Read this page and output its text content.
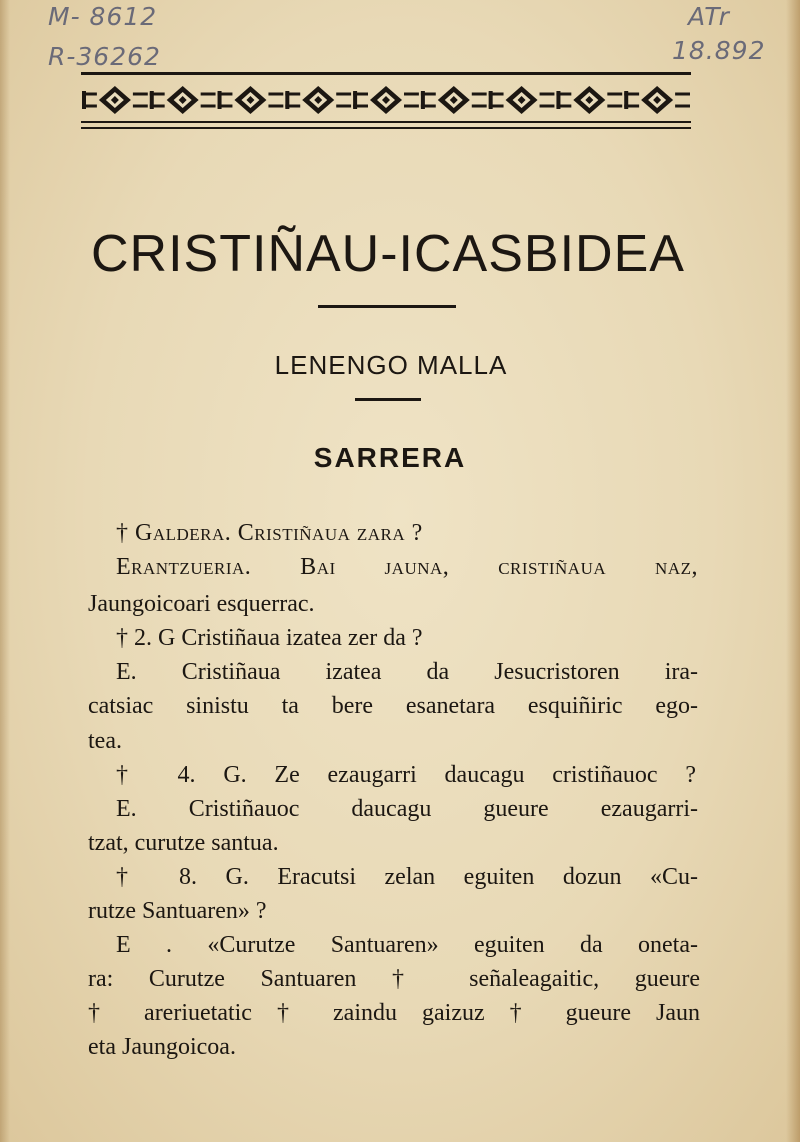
M- 8612
R-36262
ATr
18.892
CRISTIÑAU-ICASBIDEA
LENENGO MALLA
SARRERA
† Galdera. Cristiñaua zara ?
Erantzueria. Bai jauna, cristiñaua naz,
Jaungoicoari esquerrac.
† 2. G Cristiñaua izatea zer da ?
E. Cristiñaua izatea da Jesucristoren ira-
catsiac sinistu ta bere esanetara esquiñiric ego-
tea.
† 4. G. Ze ezaugarri daucagu cristiñauoc ?
E. Cristiñauoc daucagu gueure ezaugarri-
tzat, curutze santua.
† 8. G. Eracutsi zelan eguiten dozun «Cu-
rutze Santuaren» ?
E . «Curutze Santuaren» eguiten da oneta-
ra: Curutze Santuaren † señaleagaitic, gueure
† areriuetatic † zaindu gaizuz † gueure Jaun
eta Jaungoicoa.
